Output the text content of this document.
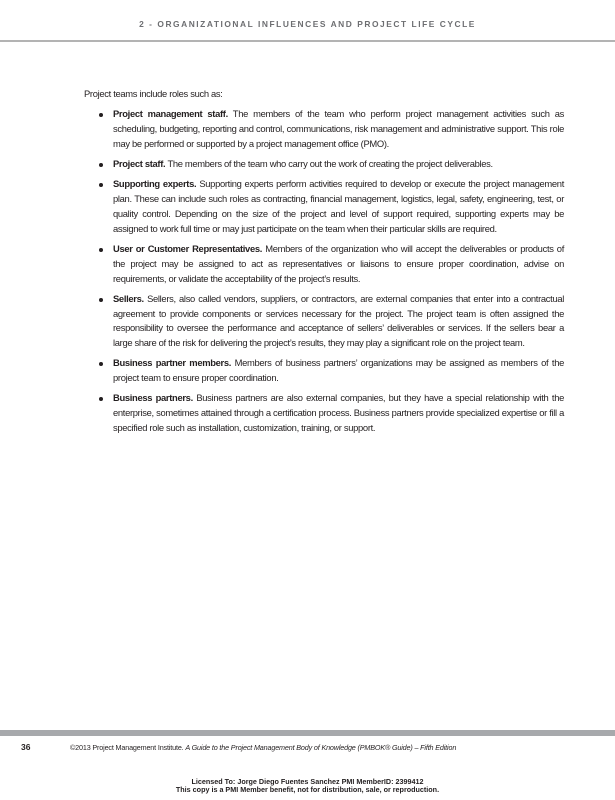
2 - ORGANIZATIONAL INFLUENCES AND PROJECT LIFE CYCLE

Project teams include roles such as:

Project management staff. The members of the team who perform project management activities such as scheduling, budgeting, reporting and control, communications, risk management and administrative support. This role may be performed or supported by a project management office (PMO).
Project staff. The members of the team who carry out the work of creating the project deliverables.
Supporting experts. Supporting experts perform activities required to develop or execute the project management plan. These can include such roles as contracting, financial management, logistics, legal, safety, engineering, test, or quality control. Depending on the size of the project and level of support required, supporting experts may be assigned to work full time or may just participate on the team when their particular skills are required.
User or Customer Representatives. Members of the organization who will accept the deliverables or products of the project may be assigned to act as representatives or liaisons to ensure proper coordination, advise on requirements, or validate the acceptability of the project’s results.
Sellers. Sellers, also called vendors, suppliers, or contractors, are external companies that enter into a contractual agreement to provide components or services necessary for the project. The project team is often assigned the responsibility to oversee the performance and acceptance of sellers’ deliverables or services. If the sellers bear a large share of the risk for delivering the project’s results, they may play a significant role on the project team.
Business partner members. Members of business partners’ organizations may be assigned as members of the project team to ensure proper coordination.
Business partners. Business partners are also external companies, but they have a special relationship with the enterprise, sometimes attained through a certification process. Business partners provide specialized expertise or fill a specified role such as installation, customization, training, or support.
36	©2013 Project Management Institute. A Guide to the Project Management Body of Knowledge (PMBOK® Guide) – Fifth Edition
Licensed To: Jorge Diego Fuentes Sanchez PMI MemberID: 2399412
This copy is a PMI Member benefit, not for distribution, sale, or reproduction.
